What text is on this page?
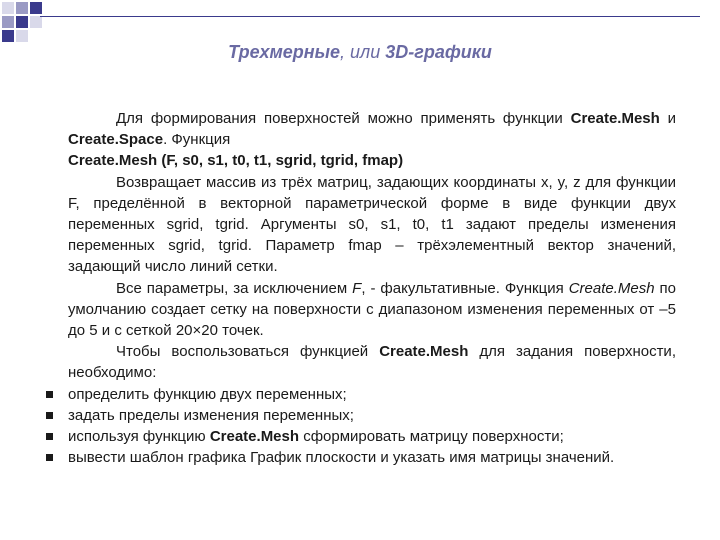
Трехмерные, или 3D-графики

Для формирования поверхностей можно применять функции Create.Mesh и Create.Space. Функция

Create.Mesh (F, s0, s1, t0, t1, sgrid, tgrid, fmap)

Возвращает массив из трёх матриц, задающих координаты x, y, z для функции F, пределённой в векторной параметрической форме в виде функции двух переменных sgrid, tgrid. Аргументы s0, s1, t0, t1 задают пределы изменения переменных sgrid, tgrid. Параметр fmap – трёхэлементный вектор значений, задающий число линий сетки.

Все параметры, за исключением F, - факультативные. Функция Create.Mesh по умолчанию создает сетку на поверхности с диапазоном изменения переменных от –5 до 5 и с сеткой 20×20 точек.

Чтобы воспользоваться функцией Create.Mesh для задания поверхности, необходимо:

определить функцию двух переменных;
задать пределы изменения переменных;
используя функцию Create.Mesh сформировать матрицу поверхности;
вывести шаблон графика График плоскости и указать имя матрицы значений.
